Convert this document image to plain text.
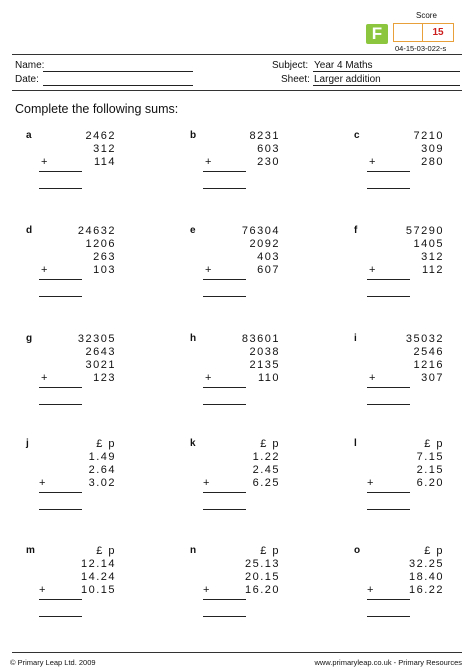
F
Score
15
04-15-03-022-s
Name:
Date:
Subject: Year 4 Maths
Sheet: Larger addition
Complete the following sums:
a	2462
312
114
+
b	8231
603
230
+
c	7210
309
280
+
d	24632
1206
263
103
+
e	76304
2092
403
607
+
f	57290
1405
312
112
+
g	32305
2643
3021
123
+
h	83601
2038
2135
110
+
i	35032
2546
1216
307
+
j	£ p
1.49
2.64
3.02
+
k	£ p
1.22
2.45
6.25
+
l	£ p
7.15
2.15
6.20
+
m	£ p
12.14
14.24
10.15
+
n	£ p
25.13
20.15
16.20
+
o	£ p
32.25
18.40
16.22
+
© Primary Leap Ltd. 2009	www.primaryleap.co.uk - Primary Resources
